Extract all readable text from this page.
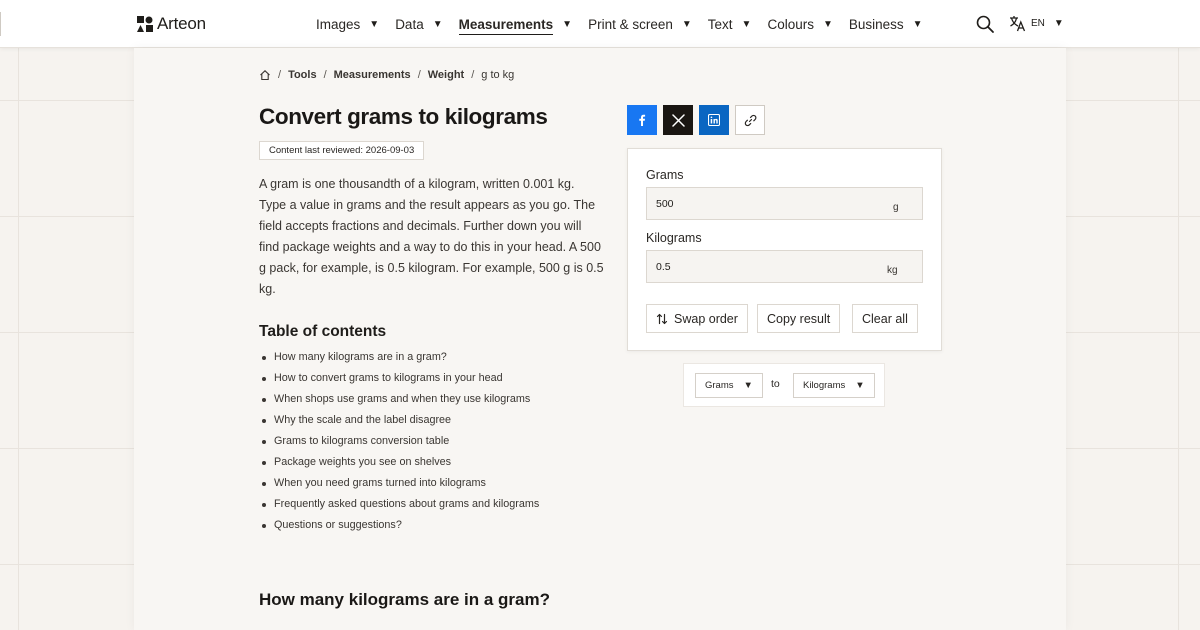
Arteon	Images ▼ Data ▼ Measurements ▼ Print & screen ▼ Text ▼ Colours ▼ Business ▼	EN ▼
/ Tools / Measurements / Weight / g to kg
Convert grams to kilograms
Content last reviewed: 2026-09-03

A gram is one thousandth of a kilogram, written 0.001 kg. Type a value in grams and the result appears as you go. The field accepts fractions and decimals. Further down you will find package weights and a way to do this in your head. A 500 g pack, for example, is 0.5 kilogram. For example, 500 g is 0.5 kg.

Table of contents
How many kilograms are in a gram?
How to convert grams to kilograms in your head
When shops use grams and when they use kilograms
Why the scale and the label disagree
Grams to kilograms conversion table
Package weights you see on shelves
When you need grams turned into kilograms
Frequently asked questions about grams and kilograms
Questions or suggestions?
How many kilograms are in a gram?
Grams
500
g
Kilograms
0.5
kg
Swap order Copy result	Clear all
Grams ▼ to Kilograms ▼
